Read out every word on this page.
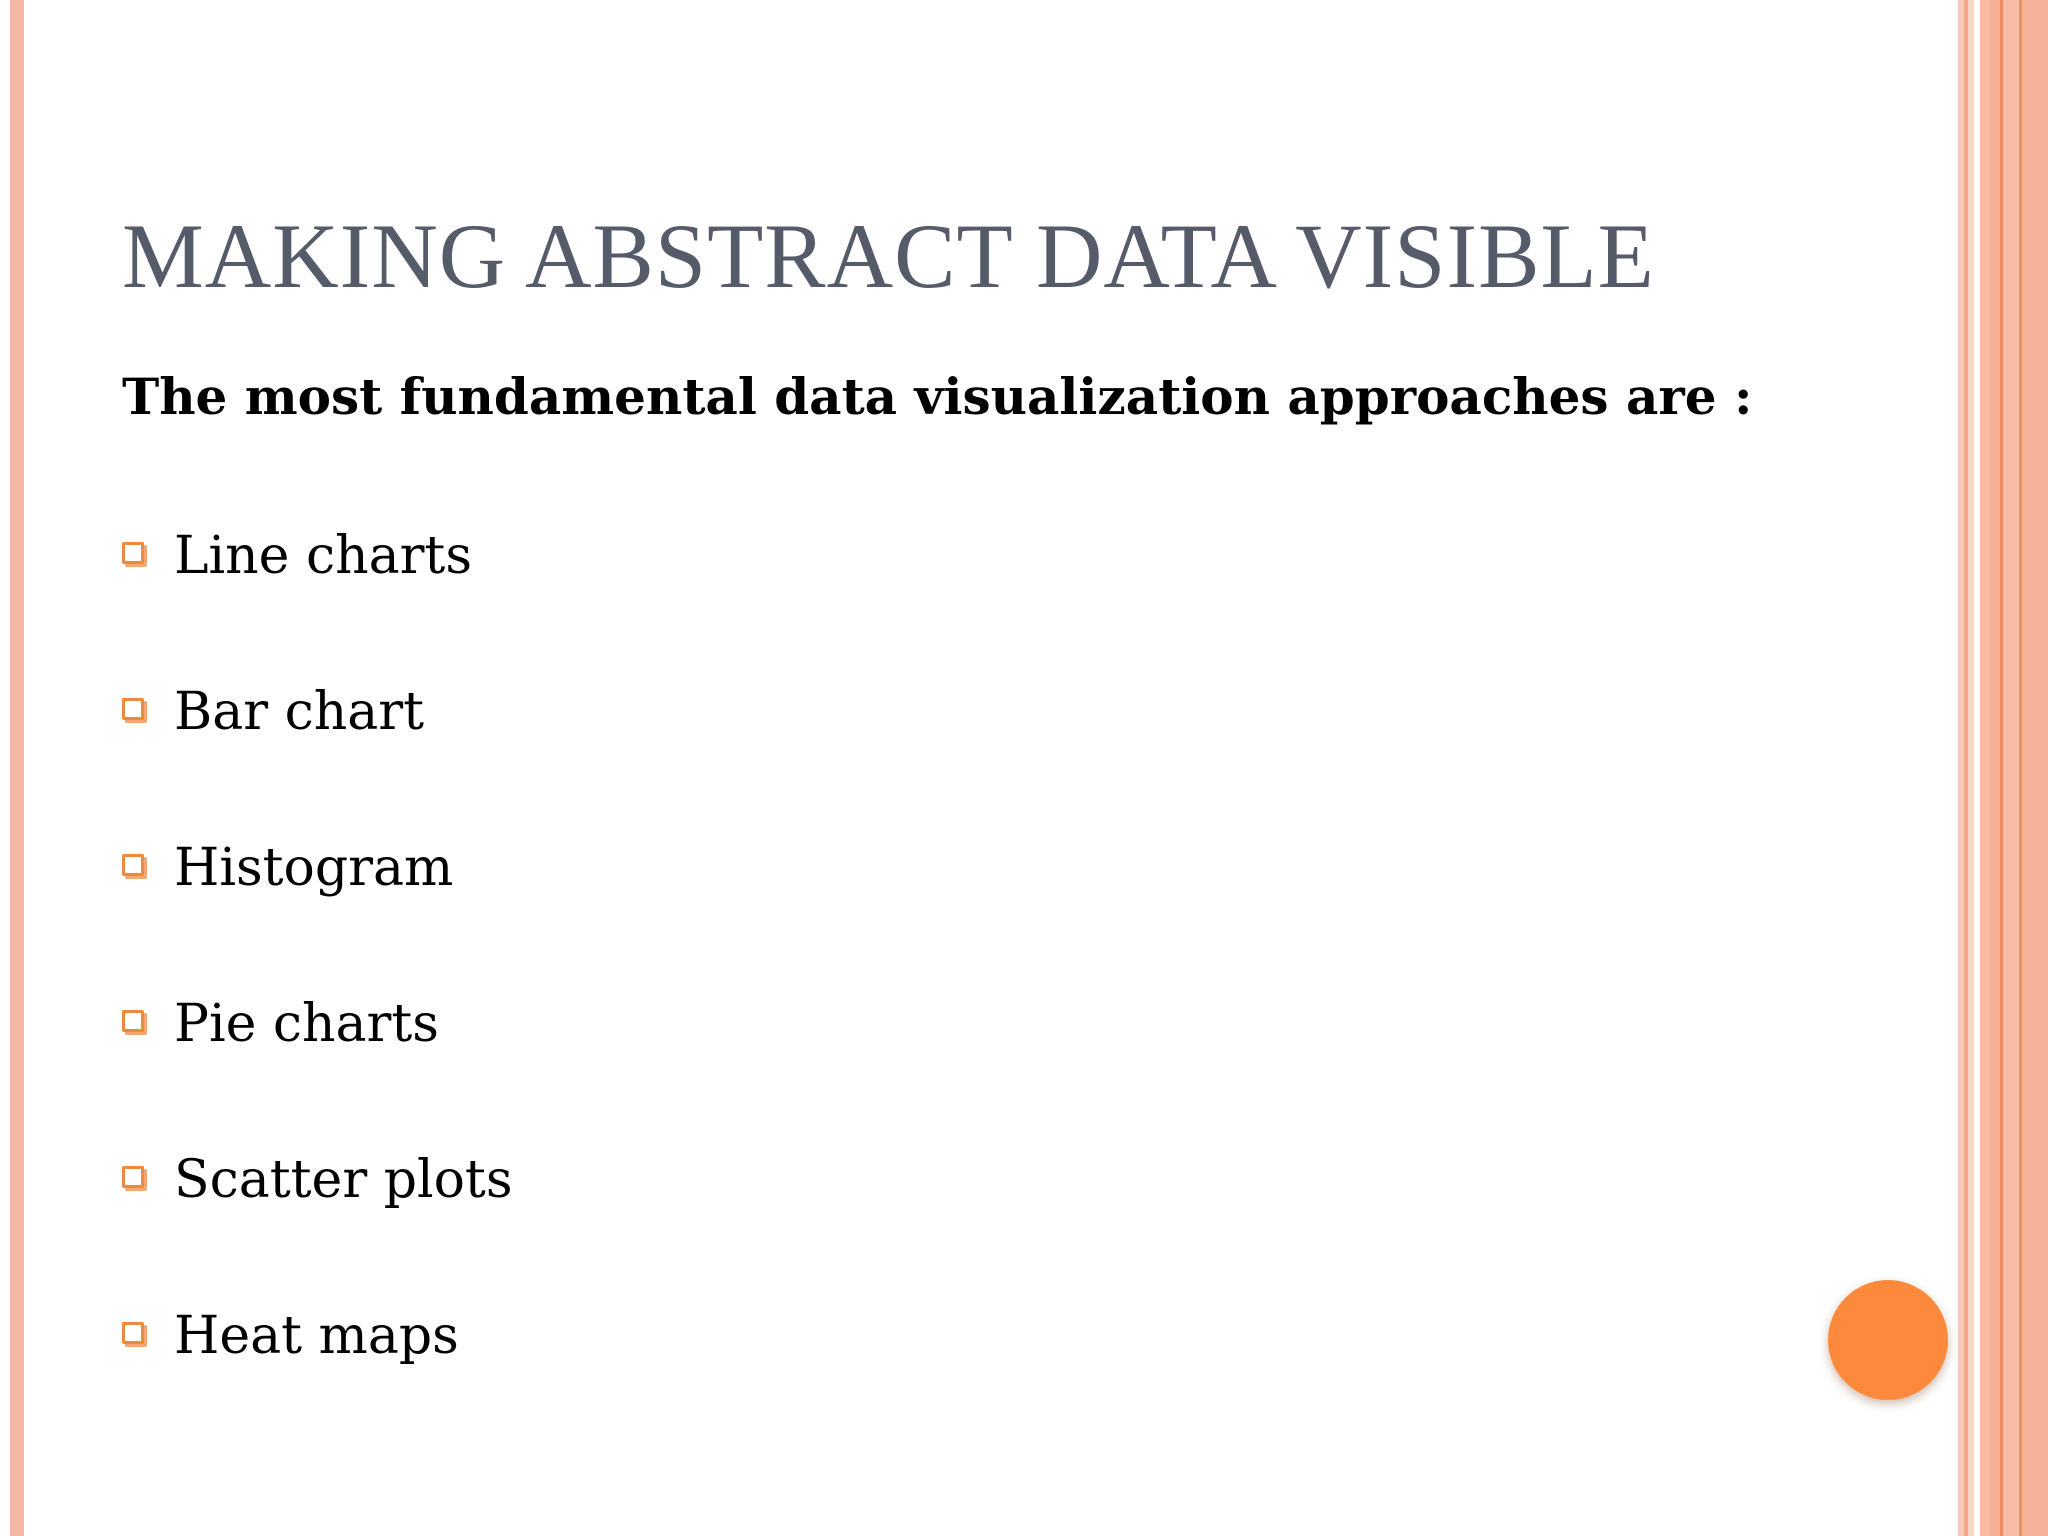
MAKING ABSTRACT DATA VISIBLE

The most fundamental data visualization approaches are :

Line charts
Bar chart
Histogram
Pie charts
Scatter plots
Heat maps
